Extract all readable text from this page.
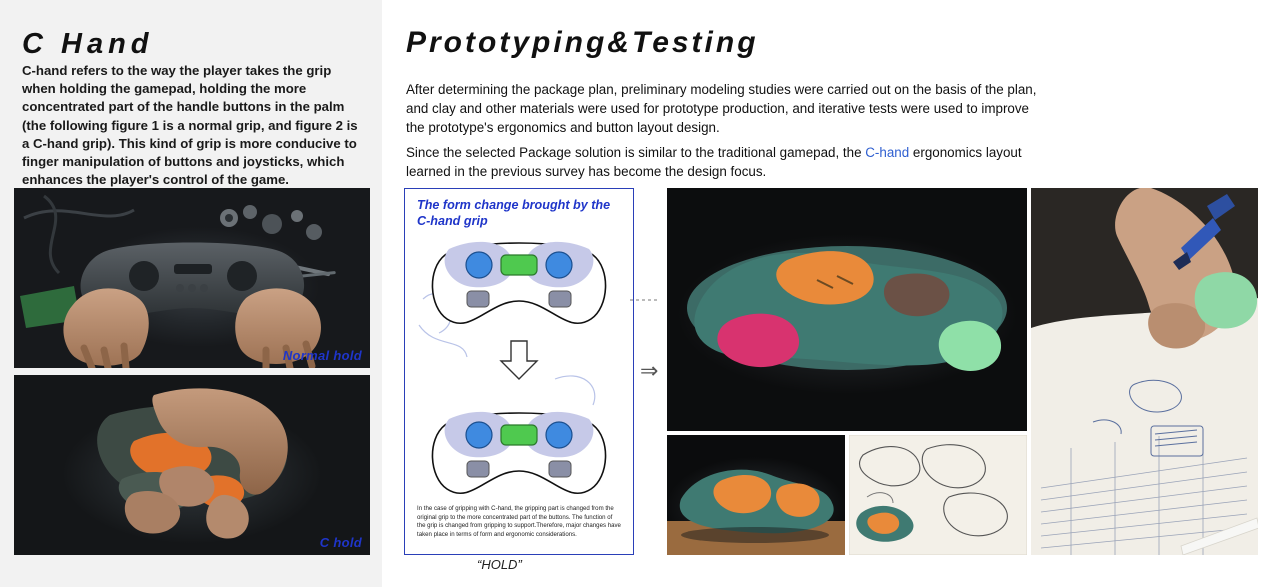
C Hand
C-hand refers to the way the player takes the grip when holding the gamepad, holding the more concentrated part of the handle buttons in the palm (the following figure 1 is a normal grip, and figure 2 is a C-hand grip). This kind of grip is more conducive to finger manipulation of buttons and joysticks, which enhances the player's control of the game.
Normal hold
C hold
Prototyping&Testing
After determining the package plan, preliminary modeling studies were carried out on the basis of the plan, and clay and other materials were used for prototype production, and iterative tests were used to improve the prototype's ergonomics and button layout design.
Since the selected Package solution is similar to the traditional gamepad, the C-hand ergonomics layout learned in the previous survey has become the design focus.
The form change brought by the C-hand grip
“HOLD”
In the case of gripping with C-hand, the gripping part is changed from the original grip to the more concentrated part of the buttons. The function of the grip is changed from gripping to support.Therefore, major changes have taken place in terms of form and ergonomic considerations.
⇒
